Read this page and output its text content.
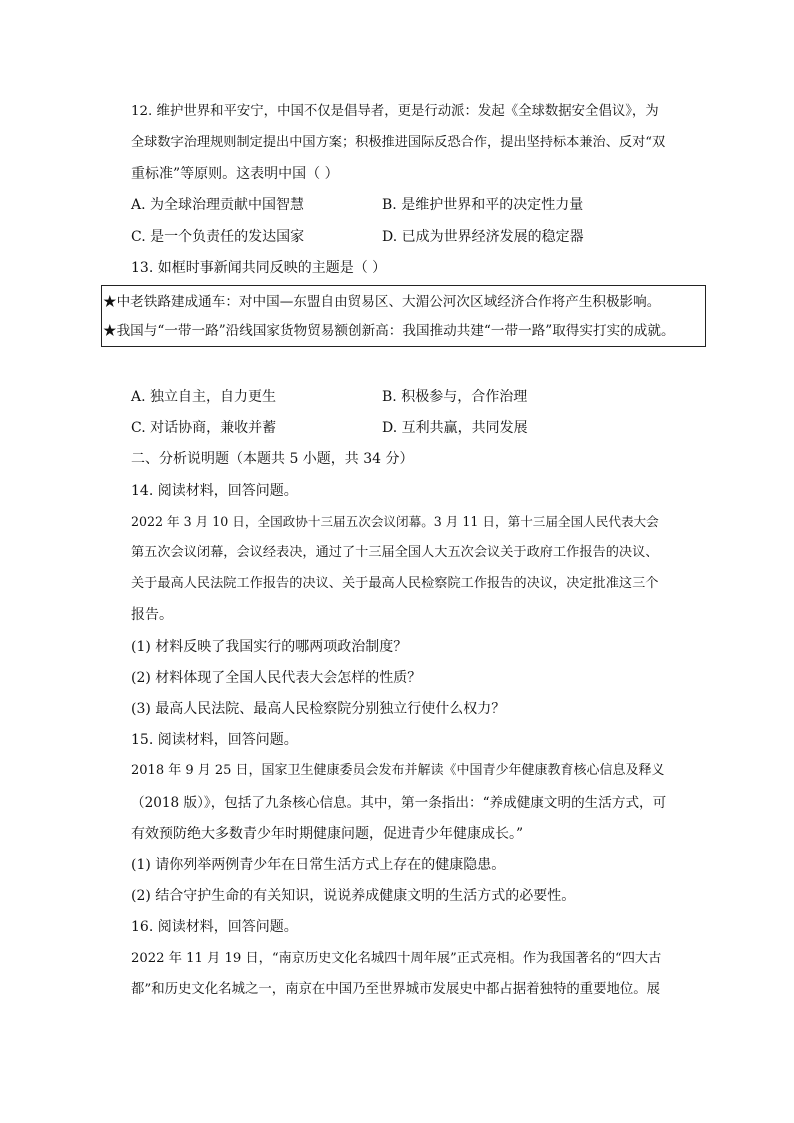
12. 维护世界和平安宁，中国不仅是倡导者，更是行动派：发起《全球数据安全倡议》，为
全球数字治理规则制定提出中国方案；积极推进国际反恐合作，提出坚持标本兼治、反对“双
重标准”等原则。这表明中国（ ）
A. 为全球治理贡献中国智慧	B. 是维护世界和平的决定性力量
C. 是一个负责任的发达国家	D. 已成为世界经济发展的稳定器
13. 如框时事新闻共同反映的主题是（ ）
★中老铁路建成通车：对中国—东盟自由贸易区、大湄公河次区域经济合作将产生积极影响。
★我国与“一带一路”沿线国家货物贸易额创新高：我国推动共建“一带一路”取得实打实的成就。
A. 独立自主，自力更生	B. 积极参与，合作治理
C. 对话协商，兼收并蓄	D. 互利共赢，共同发展
二、分析说明题（本题共 5 小题，共 34 分）
14. 阅读材料，回答问题。
2022 年 3 月 10 日，全国政协十三届五次会议闭幕。3 月 11 日，第十三届全国人民代表大会
第五次会议闭幕，会议经表决，通过了十三届全国人大五次会议关于政府工作报告的决议、
关于最高人民法院工作报告的决议、关于最高人民检察院工作报告的决议，决定批准这三个
报告。
(1) 材料反映了我国实行的哪两项政治制度？
(2) 材料体现了全国人民代表大会怎样的性质？
(3) 最高人民法院、最高人民检察院分别独立行使什么权力？
15. 阅读材料，回答问题。
2018 年 9 月 25 日，国家卫生健康委员会发布并解读《中国青少年健康教育核心信息及释义
（2018 版）》，包括了九条核心信息。其中，第一条指出：“养成健康文明的生活方式，可
有效预防绝大多数青少年时期健康问题，促进青少年健康成长。”
(1) 请你列举两例青少年在日常生活方式上存在的健康隐患。
(2) 结合守护生命的有关知识，说说养成健康文明的生活方式的必要性。
16. 阅读材料，回答问题。
2022 年 11 月 19 日，“南京历史文化名城四十周年展”正式亮相。作为我国著名的“四大古
都”和历史文化名城之一，南京在中国乃至世界城市发展史中都占据着独特的重要地位。展
